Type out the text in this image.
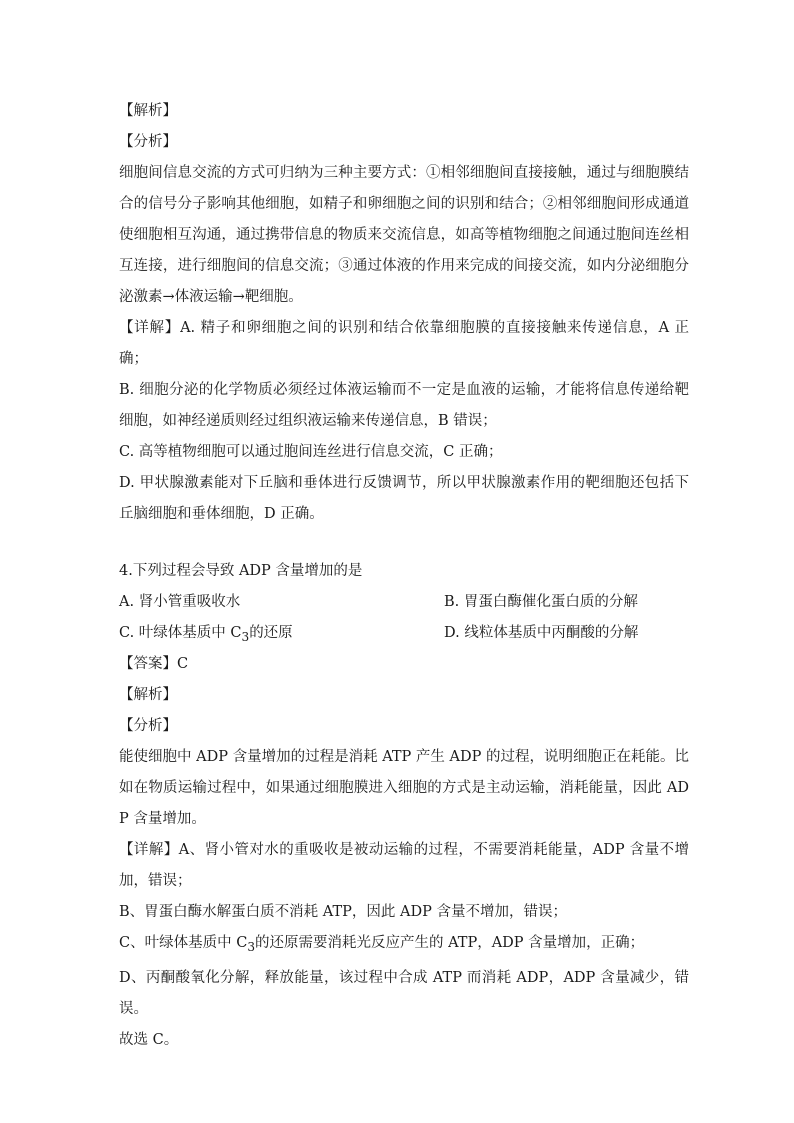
【解析】
【分析】
细胞间信息交流的方式可归纳为三种主要方式：①相邻细胞间直接接触，通过与细胞膜结合的信号分子影响其他细胞，如精子和卵细胞之间的识别和结合；②相邻细胞间形成通道使细胞相互沟通，通过携带信息的物质来交流信息，如高等植物细胞之间通过胞间连丝相互连接，进行细胞间的信息交流；③通过体液的作用来完成的间接交流，如内分泌细胞分泌激素→体液运输→靶细胞。
【详解】A. 精子和卵细胞之间的识别和结合依靠细胞膜的直接接触来传递信息，A 正确；
B. 细胞分泌的化学物质必须经过体液运输而不一定是血液的运输，才能将信息传递给靶细胞，如神经递质则经过组织液运输来传递信息，B 错误；
C. 高等植物细胞可以通过胞间连丝进行信息交流，C 正确；
D. 甲状腺激素能对下丘脑和垂体进行反馈调节，所以甲状腺激素作用的靶细胞还包括下丘脑细胞和垂体细胞，D 正确。
4.下列过程会导致 ADP 含量增加的是
A. 肾小管重吸收水	B. 胃蛋白酶催化蛋白质的分解
C. 叶绿体基质中 $C_3$的还原	D. 线粒体基质中丙酮酸的分解
【答案】C
【解析】
【分析】
能使细胞中 ADP 含量增加的过程是消耗 ATP 产生 ADP 的过程，说明细胞正在耗能。比如在物质运输过程中，如果通过细胞膜进入细胞的方式是主动运输，消耗能量，因此 ADP 含量增加。
【详解】A、肾小管对水的重吸收是被动运输的过程，不需要消耗能量，ADP 含量不增加，错误；
B、胃蛋白酶水解蛋白质不消耗 ATP，因此 ADP 含量不增加，错误；
C、叶绿体基质中 $C_3$的还原需要消耗光反应产生的 ATP，ADP 含量增加，正确；
D、丙酮酸氧化分解，释放能量，该过程中合成 ATP 而消耗 ADP，ADP 含量减少，错误。
故选 C。
